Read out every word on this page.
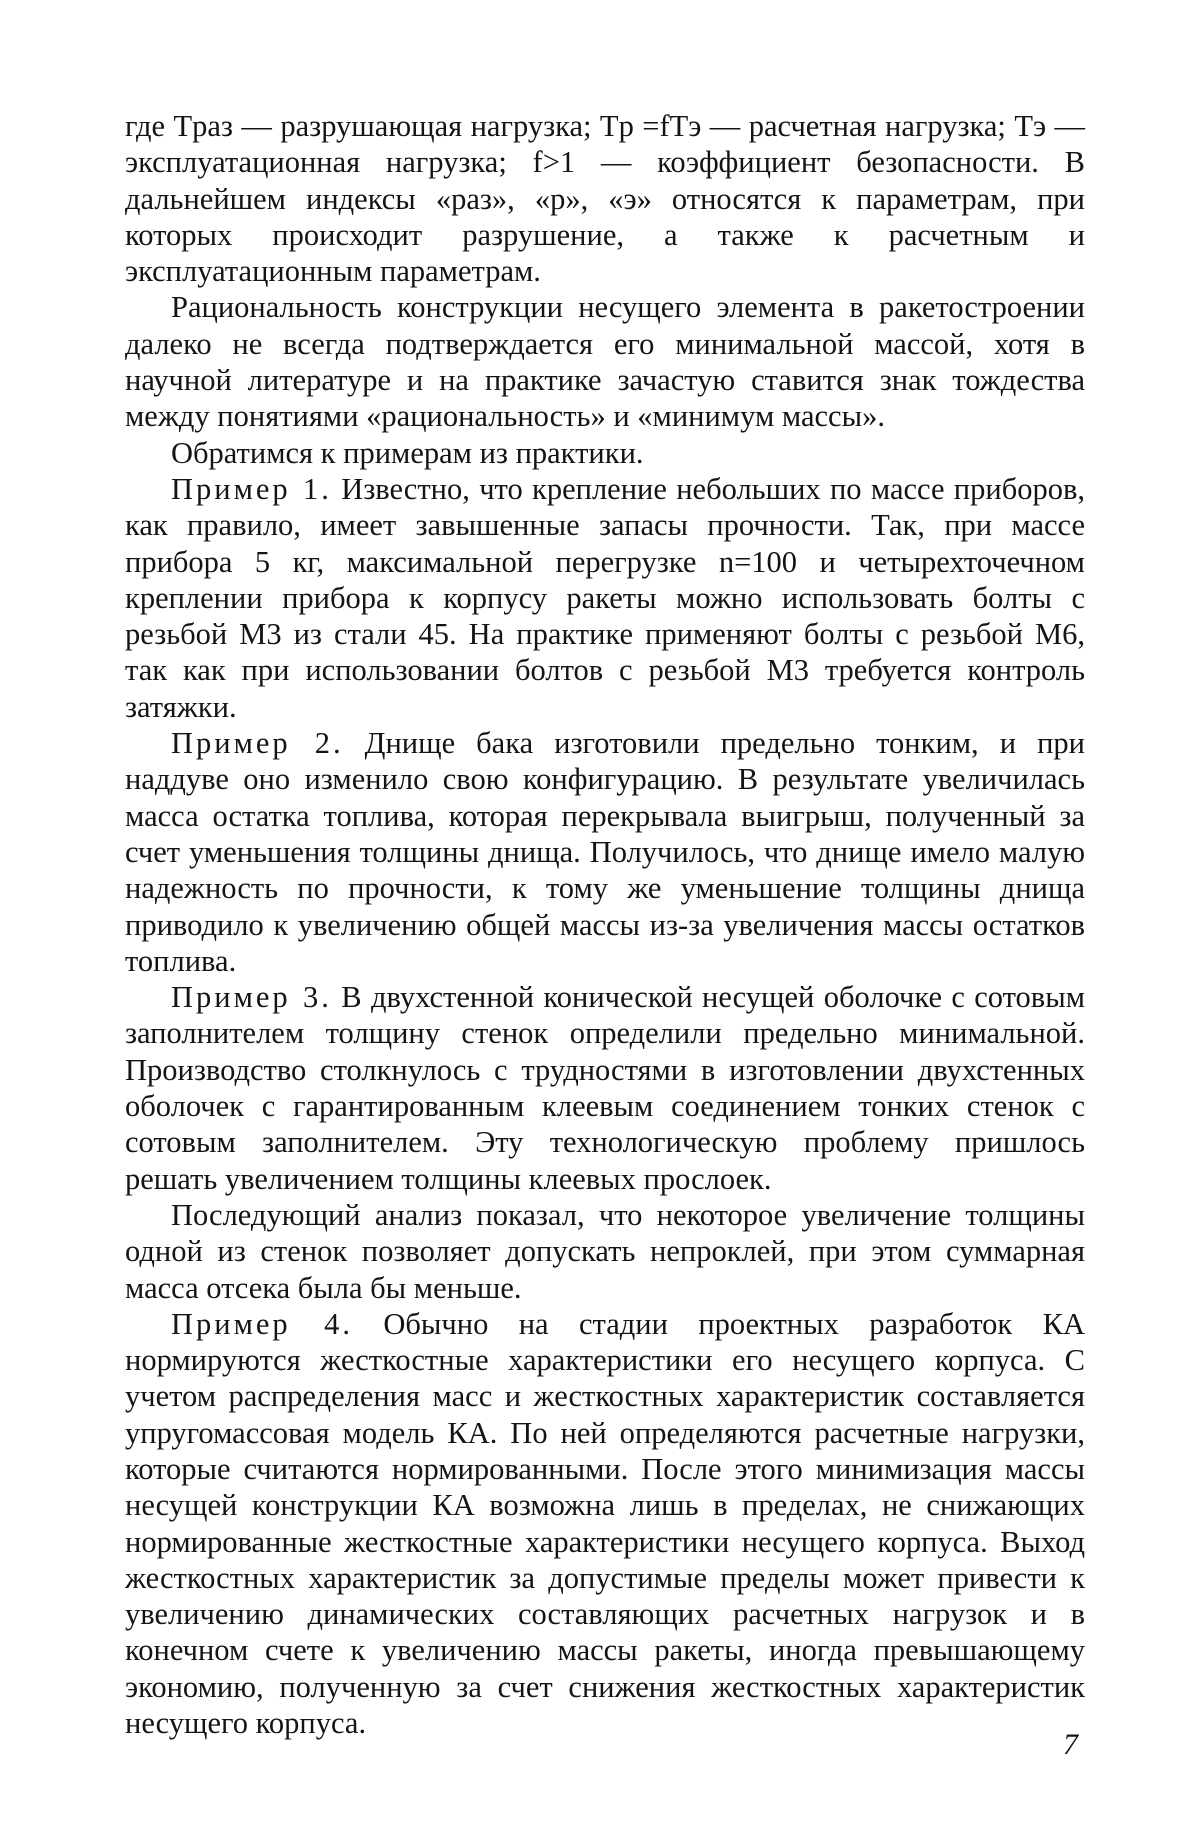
где Tраз — разрушающая нагрузка; Tр =fTэ — расчетная нагрузка; Tэ — эксплуатационная нагрузка; f>1 — коэффициент безопасности. В дальнейшем индексы «раз», «р», «э» относятся к параметрам, при которых происходит разрушение, а также к расчетным и эксплуатационным параметрам.

Рациональность конструкции несущего элемента в ракетостроении далеко не всегда подтверждается его минимальной массой, хотя в научной литературе и на практике зачастую ставится знак тождества между понятиями «рациональность» и «минимум массы».

Обратимся к примерам из практики.

Пример 1. Известно, что крепление небольших по массе приборов, как правило, имеет завышенные запасы прочности. Так, при массе прибора 5 кг, максимальной перегрузке n=100 и четырехточечном креплении прибора к корпусу ракеты можно использовать болты с резьбой М3 из стали 45. На практике применяют болты с резьбой М6, так как при использовании болтов с резьбой М3 требуется контроль затяжки.

Пример 2. Днище бака изготовили предельно тонким, и при наддуве оно изменило свою конфигурацию. В результате увеличилась масса остатка топлива, которая перекрывала выигрыш, полученный за счет уменьшения толщины днища. Получилось, что днище имело малую надежность по прочности, к тому же уменьшение толщины днища приводило к увеличению общей массы из-за увеличения массы остатков топлива.

Пример 3. В двухстенной конической несущей оболочке с сотовым заполнителем толщину стенок определили предельно минимальной. Производство столкнулось с трудностями в изготовлении двухстенных оболочек с гарантированным клеевым соединением тонких стенок с сотовым заполнителем. Эту технологическую проблему пришлось решать увеличением толщины клеевых прослоек.

Последующий анализ показал, что некоторое увеличение толщины одной из стенок позволяет допускать непроклей, при этом суммарная масса отсека была бы меньше.

Пример 4. Обычно на стадии проектных разработок КА нормируются жесткостные характеристики его несущего корпуса. С учетом распределения масс и жесткостных характеристик составляется упругомассовая модель КА. По ней определяются расчетные нагрузки, которые считаются нормированными. После этого минимизация массы несущей конструкции КА возможна лишь в пределах, не снижающих нормированные жесткостные характеристики несущего корпуса. Выход жесткостных характеристик за допустимые пределы может привести к увеличению динамических составляющих расчетных нагрузок и в конечном счете к увеличению массы ракеты, иногда превышающему экономию, полученную за счет снижения жесткостных характеристик несущего корпуса.

7
